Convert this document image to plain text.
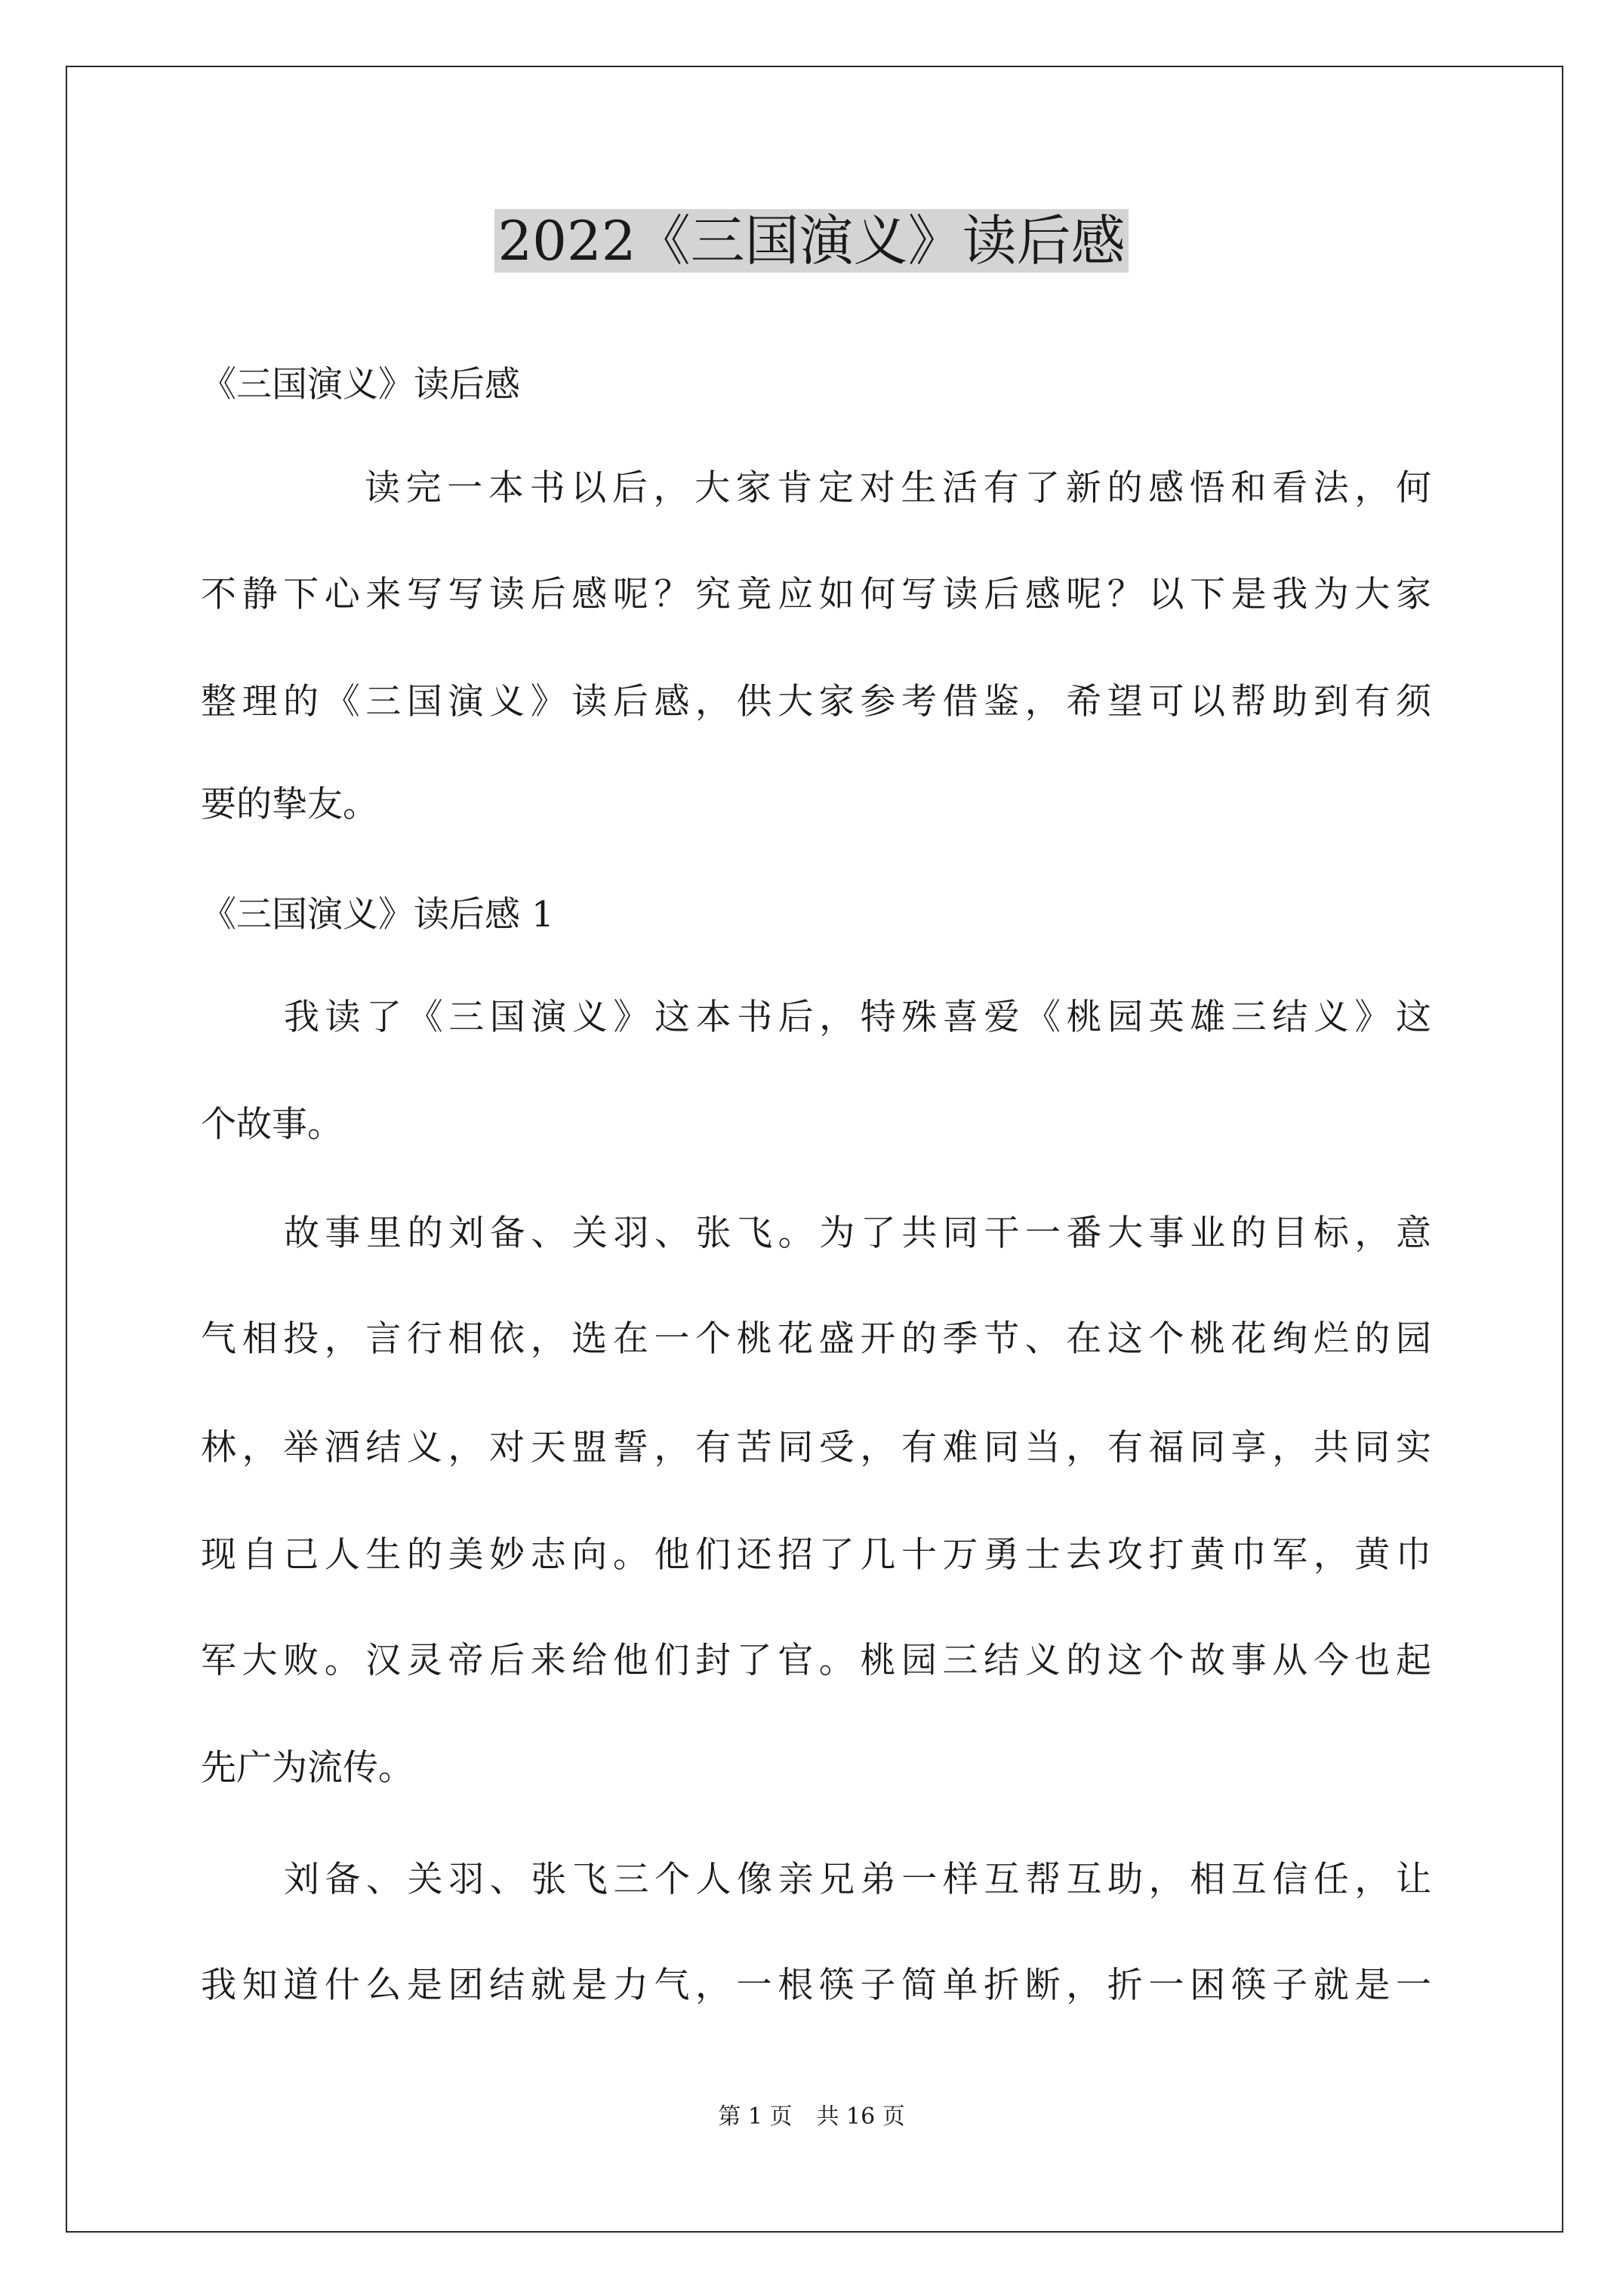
2022《三国演义》读后感
《三国演义》读后感
读完一本书以后，大家肯定对生活有了新的感悟和看法，何
不静下心来写写读后感呢？究竟应如何写读后感呢？以下是我为大家
整理的《三国演义》读后感，供大家参考借鉴，希望可以帮助到有须
要的挚友。
《三国演义》读后感 1
我读了《三国演义》这本书后，特殊喜爱《桃园英雄三结义》这
个故事。
故事里的刘备、关羽、张飞。为了共同干一番大事业的目标，意
气相投，言行相依，选在一个桃花盛开的季节、在这个桃花绚烂的园
林，举酒结义，对天盟誓，有苦同受，有难同当，有福同享，共同实
现自己人生的美妙志向。他们还招了几十万勇士去攻打黄巾军，黄巾
军大败。汉灵帝后来给他们封了官。桃园三结义的这个故事从今也起
先广为流传。
刘备、关羽、张飞三个人像亲兄弟一样互帮互助，相互信任，让
我知道什么是团结就是力气，一根筷子简单折断，折一困筷子就是一
第 1 页 共 16 页
